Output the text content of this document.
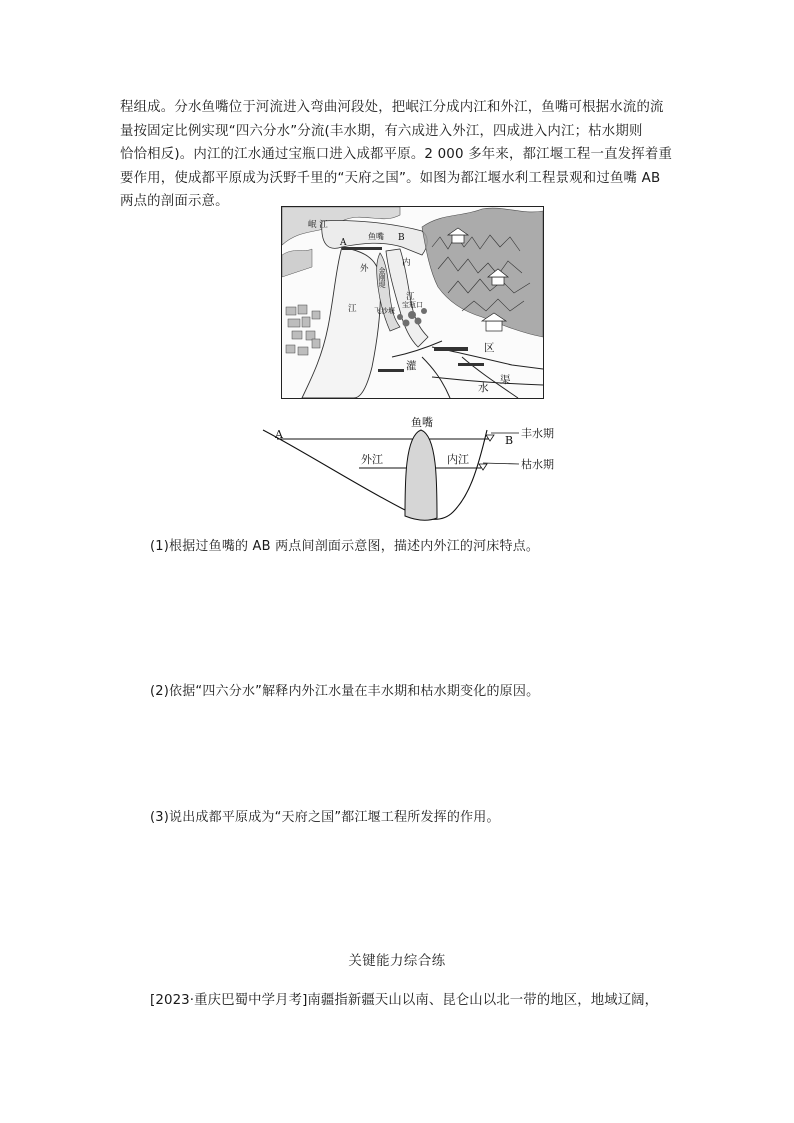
程组成。分水鱼嘴位于河流进入弯曲河段处，把岷江分成内江和外江，鱼嘴可根据水流的流
量按固定比例实现“四六分水”分流(丰水期，有六成进入外江，四成进入内江；枯水期则
恰恰相反)。内江的江水通过宝瓶口进入成都平原。2 000 多年来，都江堰工程一直发挥着重
要作用，使成都平原成为沃野千里的“天府之国”。如图为都江堰水利工程景观和过鱼嘴 AB
两点的剖面示意。
岷 江
A	B
鱼嘴
外
江
内
江
金刚堤
飞沙堰
宝瓶口
灌
区
水
渠
A	B
鱼嘴
外江	内江
丰水期
枯水期
(1)根据过鱼嘴的 AB 两点间剖面示意图，描述内外江的河床特点。
(2)依据“四六分水”解释内外江水量在丰水期和枯水期变化的原因。
(3)说出成都平原成为“天府之国”都江堰工程所发挥的作用。
关键能力综合练
[2023·重庆巴蜀中学月考]南疆指新疆天山以南、昆仑山以北一带的地区，地域辽阔，
